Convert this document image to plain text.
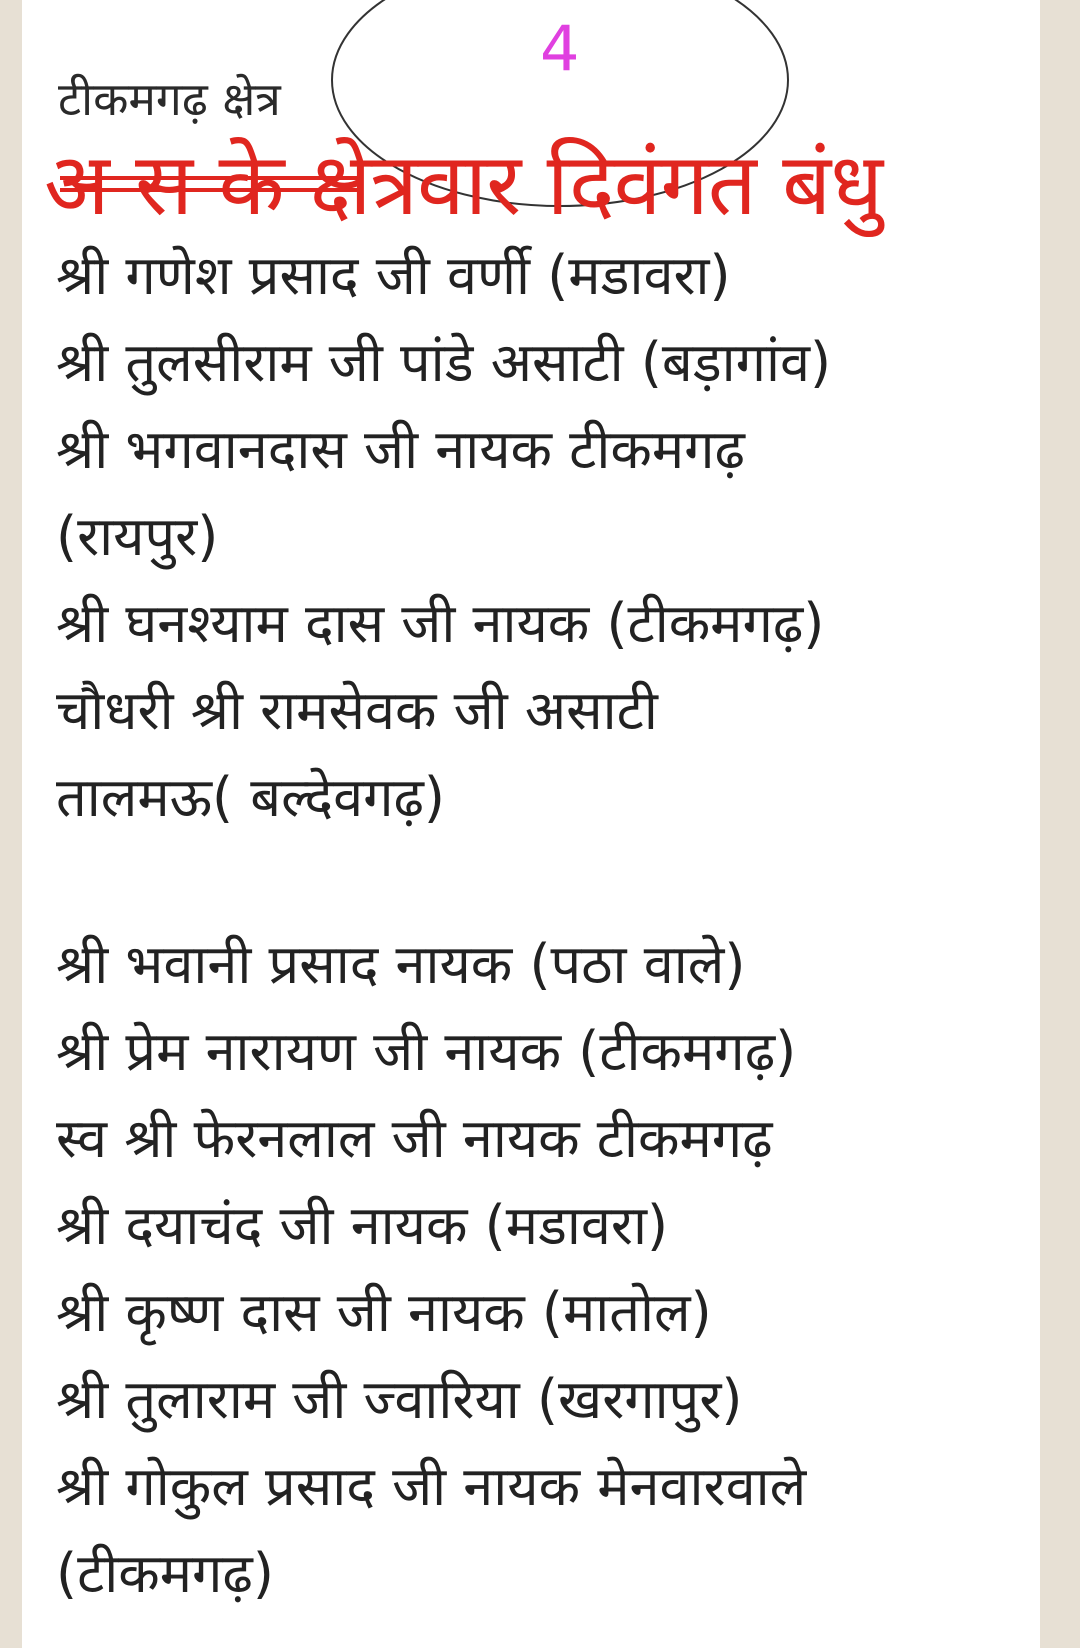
4
टीकमगढ़ क्षेत्र
अ स के क्षेत्रवार दिवंगत बंधु
श्री गणेश प्रसाद जी वर्णी (मडावरा)
श्री तुलसीराम जी पांडे असाटी (बड़ागांव)
श्री भगवानदास जी नायक टीकमगढ़
(रायपुर)
श्री घनश्याम दास जी नायक (टीकमगढ़)
चौधरी श्री रामसेवक जी असाटी
तालमऊ( बल्देवगढ़)
श्री भवानी प्रसाद नायक (पठा वाले)
श्री प्रेम नारायण जी नायक (टीकमगढ़)
स्व श्री फेरनलाल जी नायक टीकमगढ़
श्री दयाचंद जी नायक (मडावरा)
श्री कृष्ण दास जी नायक (मातोल)
श्री तुलाराम जी ज्वारिया (खरगापुर)
श्री गोकुल प्रसाद जी नायक मेनवारवाले
(टीकमगढ़)
